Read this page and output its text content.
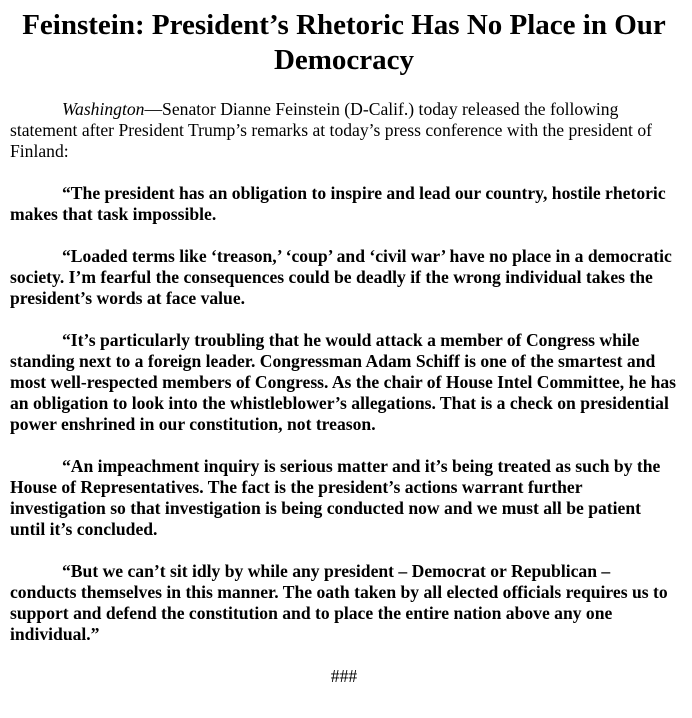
Feinstein: President’s Rhetoric Has No Place in Our Democracy

Washington—Senator Dianne Feinstein (D-Calif.) today released the following statement after President Trump’s remarks at today’s press conference with the president of Finland:

“The president has an obligation to inspire and lead our country, hostile rhetoric makes that task impossible.

“Loaded terms like ‘treason,’ ‘coup’ and ‘civil war’ have no place in a democratic society. I’m fearful the consequences could be deadly if the wrong individual takes the president’s words at face value.

“It’s particularly troubling that he would attack a member of Congress while standing next to a foreign leader. Congressman Adam Schiff is one of the smartest and most well-respected members of Congress. As the chair of House Intel Committee, he has an obligation to look into the whistleblower’s allegations. That is a check on presidential power enshrined in our constitution, not treason.

“An impeachment inquiry is serious matter and it’s being treated as such by the House of Representatives. The fact is the president’s actions warrant further investigation so that investigation is being conducted now and we must all be patient until it’s concluded.

“But we can’t sit idly by while any president – Democrat or Republican – conducts themselves in this manner. The oath taken by all elected officials requires us to support and defend the constitution and to place the entire nation above any one individual.”

###
